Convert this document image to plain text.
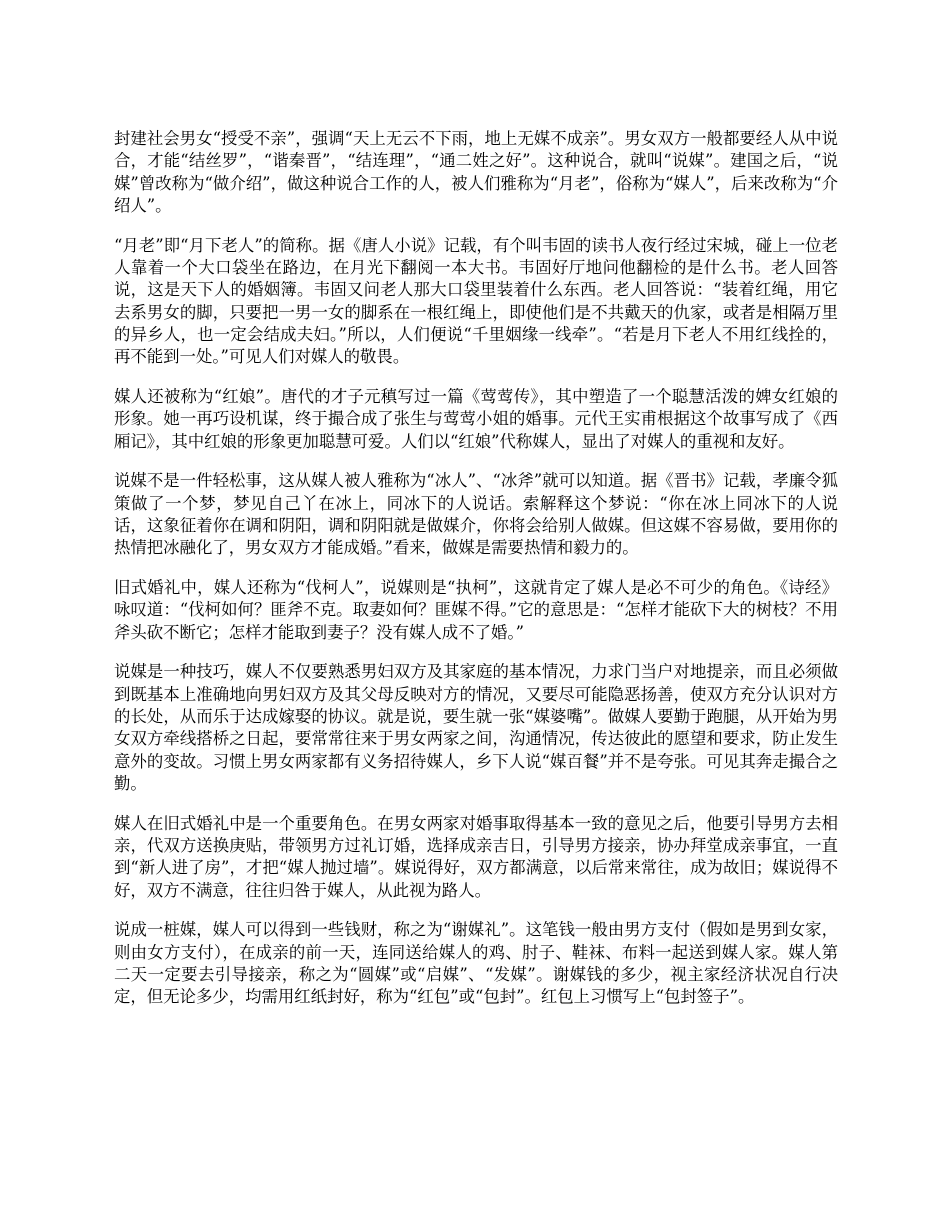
封建社会男女“授受不亲”，强调“天上无云不下雨，地上无媒不成亲”。男女双方一般都要经人从中说合，才能“结丝罗”，“谐秦晋”，“结连理”，“通二姓之好”。这种说合，就叫“说媒”。建国之后，“说媒”曾改称为“做介绍”，做这种说合工作的人，被人们雅称为“月老”，俗称为“媒人”，后来改称为“介绍人”。

“月老”即“月下老人”的简称。据《唐人小说》记载，有个叫韦固的读书人夜行经过宋城，碰上一位老人靠着一个大口袋坐在路边，在月光下翻阅一本大书。韦固好厅地问他翻检的是什么书。老人回答说，这是天下人的婚姻簿。韦固又问老人那大口袋里装着什么东西。老人回答说：“装着红绳，用它去系男女的脚，只要把一男一女的脚系在一根红绳上，即使他们是不共戴天的仇家，或者是相隔万里的异乡人，也一定会结成夫妇。”所以，人们便说“千里姻缘一线牵”。“若是月下老人不用红线拴的，再不能到一处。”可见人们对媒人的敬畏。

媒人还被称为“红娘”。唐代的才子元稹写过一篇《莺莺传》，其中塑造了一个聪慧活泼的婢女红娘的形象。她一再巧设机谋，终于撮合成了张生与莺莺小姐的婚事。元代王实甫根据这个故事写成了《西厢记》，其中红娘的形象更加聪慧可爱。人们以“红娘”代称媒人，显出了对媒人的重视和友好。

说媒不是一件轻松事，这从媒人被人雅称为“冰人”、“冰斧”就可以知道。据《晋书》记载，孝廉令狐策做了一个梦，梦见自己丫在冰上，同冰下的人说话。索解释这个梦说：“你在冰上同冰下的人说话，这象征着你在调和阴阳，调和阴阳就是做媒介，你将会给别人做媒。但这媒不容易做，要用你的热情把冰融化了，男女双方才能成婚。”看来，做媒是需要热情和毅力的。

旧式婚礼中，媒人还称为“伐柯人”，说媒则是“执柯”，这就肯定了媒人是必不可少的角色。《诗经》咏叹道：“伐柯如何？匪斧不克。取妻如何？匪媒不得。”它的意思是：“怎样才能砍下大的树枝？不用斧头砍不断它；怎样才能取到妻子？没有媒人成不了婚。”

说媒是一种技巧，媒人不仅要熟悉男妇双方及其家庭的基本情况，力求门当户对地提亲，而且必须做到既基本上准确地向男妇双方及其父母反映对方的情况，又要尽可能隐恶扬善，使双方充分认识对方的长处，从而乐于达成嫁娶的协议。就是说，要生就一张“媒婆嘴”。做媒人要勤于跑腿，从开始为男女双方牵线搭桥之日起，要常常往来于男女两家之间，沟通情况，传达彼此的愿望和要求，防止发生意外的变故。习惯上男女两家都有义务招待媒人，乡下人说“媒百餐”并不是夸张。可见其奔走撮合之勤。

媒人在旧式婚礼中是一个重要角色。在男女两家对婚事取得基本一致的意见之后，他要引导男方去相亲，代双方送换庚贴，带领男方过礼订婚，选择成亲吉日，引导男方接亲，协办拜堂成亲事宜，一直到“新人进了房”，才把“媒人抛过墙”。媒说得好，双方都满意，以后常来常往，成为故旧；媒说得不好，双方不满意，往往归咎于媒人，从此视为路人。

说成一桩媒，媒人可以得到一些钱财，称之为“谢媒礼”。这笔钱一般由男方支付（假如是男到女家，则由女方支付），在成亲的前一天，连同送给媒人的鸡、肘子、鞋袜、布料一起送到媒人家。媒人第二天一定要去引导接亲，称之为“圆媒”或“启媒”、“发媒”。谢媒钱的多少，视主家经济状况自行决定，但无论多少，均需用红纸封好，称为“红包”或“包封”。红包上习惯写上“包封签子”。
